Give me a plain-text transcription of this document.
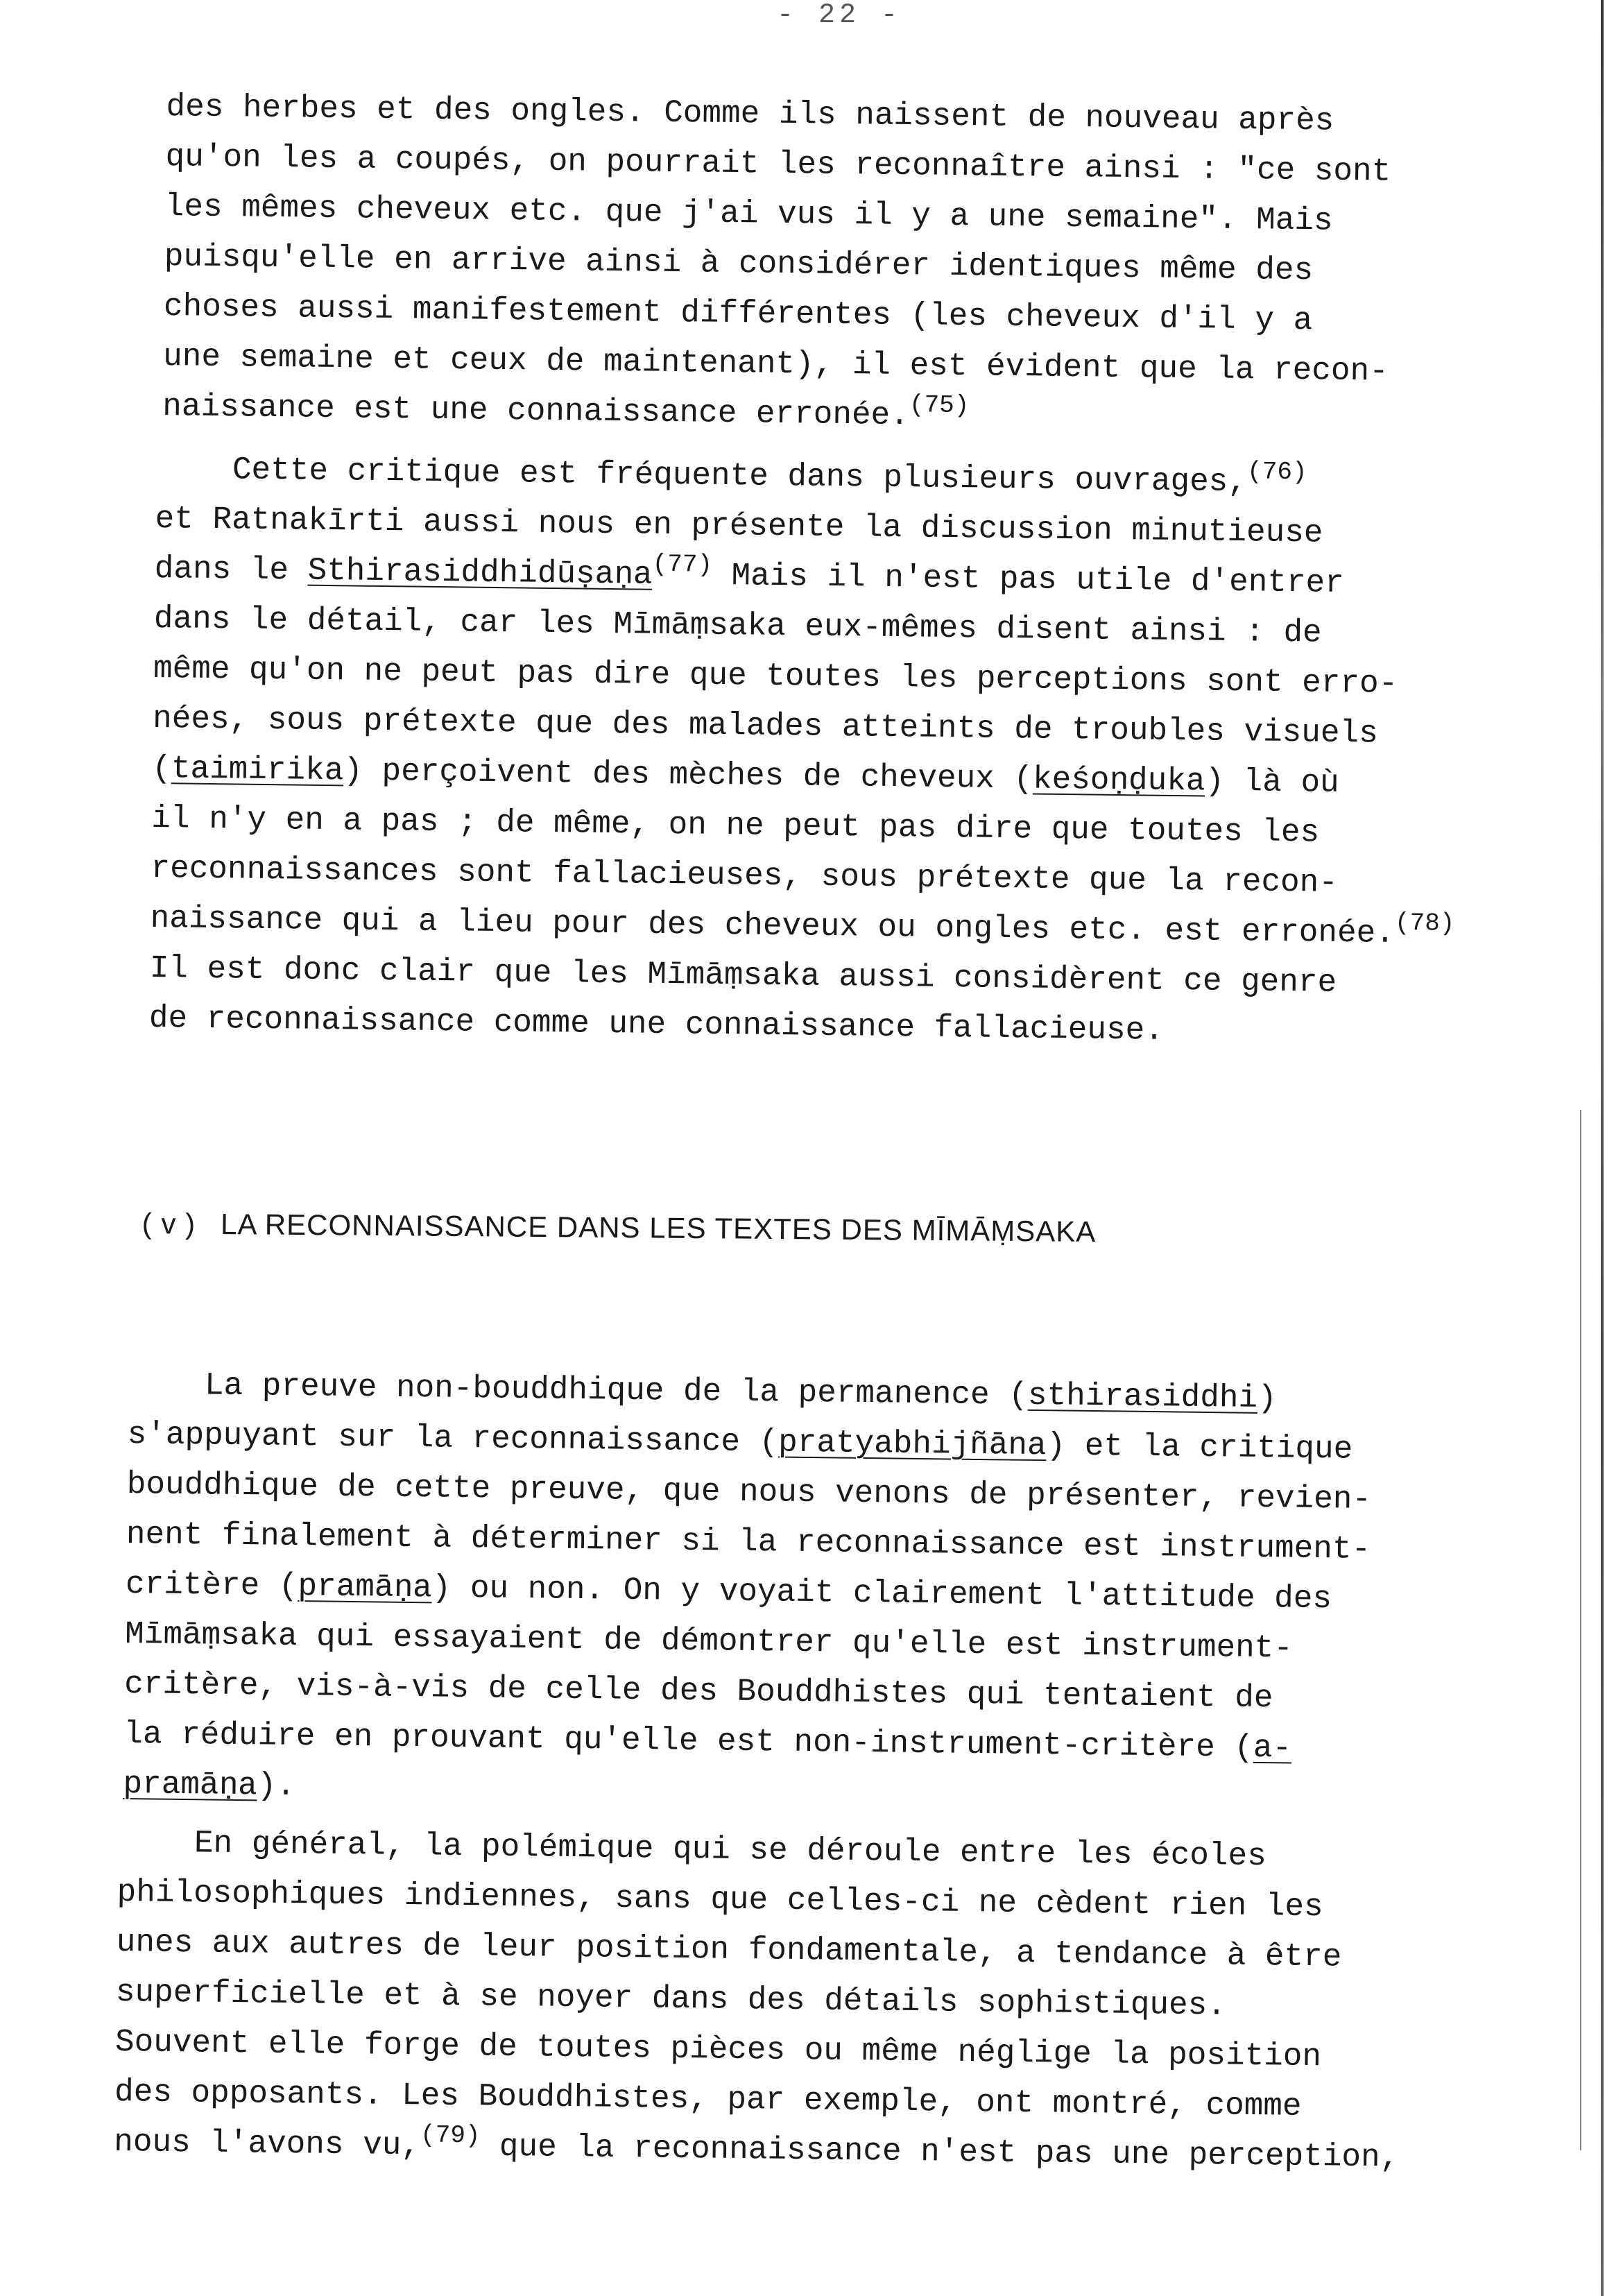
- 22 -
des herbes et des ongles. Comme ils naissent de nouveau après
qu'on les a coupés, on pourrait les reconnaître ainsi : "ce sont
les mêmes cheveux etc. que j'ai vus il y a une semaine". Mais
puisqu'elle en arrive ainsi à considérer identiques même des
choses aussi manifestement différentes (les cheveux d'il y a
une semaine et ceux de maintenant), il est évident que la recon-
naissance est une connaissance erronée.$^{(75)}$
Cette critique est fréquente dans plusieurs ouvrages,$^{(76)}$
et Ratnakīrti aussi nous en présente la discussion minutieuse
dans le Sthirasiddhidūṣaṇa$^{(77)}$ Mais il n'est pas utile d'entrer
dans le détail, car les Mīmāṃsaka eux-mêmes disent ainsi : de
même qu'on ne peut pas dire que toutes les perceptions sont erro-
nées, sous prétexte que des malades atteints de troubles visuels
(taimirika) perçoivent des mèches de cheveux (keśoṇḍuka) là où
il n'y en a pas ; de même, on ne peut pas dire que toutes les
reconnaissances sont fallacieuses, sous prétexte que la recon-
naissance qui a lieu pour des cheveux ou ongles etc. est erronée.$^{(78)}$
Il est donc clair que les Mīmāṃsaka aussi considèrent ce genre
de reconnaissance comme une connaissance fallacieuse.
( v ) LA RECONNAISSANCE DANS LES TEXTES DES MĪMĀṂSAKA
La preuve non-bouddhique de la permanence (sthirasiddhi)
s'appuyant sur la reconnaissance (pratyabhijñāna) et la critique
bouddhique de cette preuve, que nous venons de présenter, revien-
nent finalement à déterminer si la reconnaissance est instrument-
critère (pramāṇa) ou non. On y voyait clairement l'attitude des
Mīmāṃsaka qui essayaient de démontrer qu'elle est instrument-
critère, vis-à-vis de celle des Bouddhistes qui tentaient de
la réduire en prouvant qu'elle est non-instrument-critère (a-
pramāṇa).
En général, la polémique qui se déroule entre les écoles
philosophiques indiennes, sans que celles-ci ne cèdent rien les
unes aux autres de leur position fondamentale, a tendance à être
superficielle et à se noyer dans des détails sophistiques.
Souvent elle forge de toutes pièces ou même néglige la position
des opposants. Les Bouddhistes, par exemple, ont montré, comme
nous l'avons vu,$^{(79)}$ que la reconnaissance n'est pas une perception,
